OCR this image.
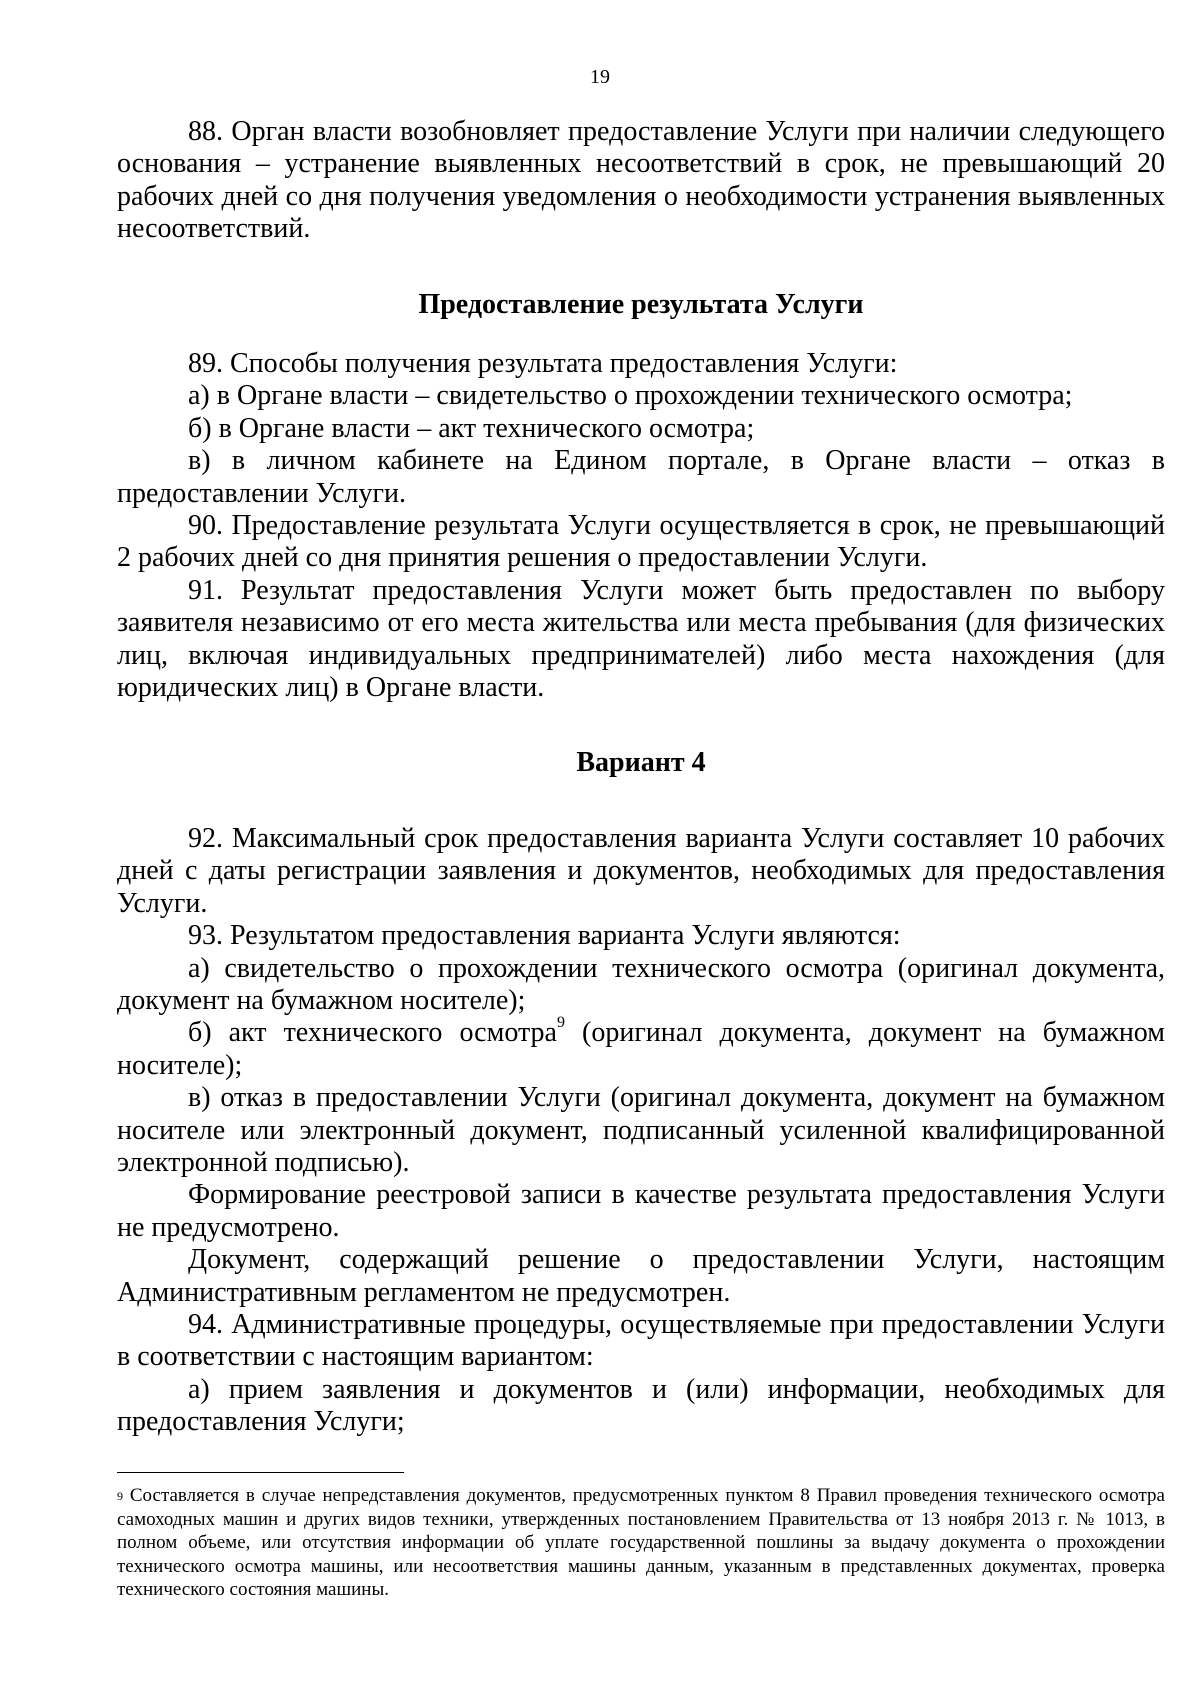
19

88. Орган власти возобновляет предоставление Услуги при наличии следующего основания – устранение выявленных несоответствий в срок, не превышающий 20 рабочих дней со дня получения уведомления о необходимости устранения выявленных несоответствий.

Предоставление результата Услуги

89. Способы получения результата предоставления Услуги:

а) в Органе власти – свидетельство о прохождении технического осмотра;

б) в Органе власти – акт технического осмотра;

в) в личном кабинете на Едином портале, в Органе власти – отказ в предоставлении Услуги.

90. Предоставление результата Услуги осуществляется в срок, не превышающий 2 рабочих дней со дня принятия решения о предоставлении Услуги.

91. Результат предоставления Услуги может быть предоставлен по выбору заявителя независимо от его места жительства или места пребывания (для физических лиц, включая индивидуальных предпринимателей) либо места нахождения (для юридических лиц) в Органе власти.

Вариант 4

92. Максимальный срок предоставления варианта Услуги составляет 10 рабочих дней с даты регистрации заявления и документов, необходимых для предоставления Услуги.

93. Результатом предоставления варианта Услуги являются:

а) свидетельство о прохождении технического осмотра (оригинал документа, документ на бумажном носителе);

б) акт технического осмотра$^9$ (оригинал документа, документ на бумажном носителе);

в) отказ в предоставлении Услуги (оригинал документа, документ на бумажном носителе или электронный документ, подписанный усиленной квалифицированной электронной подписью).

Формирование реестровой записи в качестве результата предоставления Услуги не предусмотрено.

Документ, содержащий решение о предоставлении Услуги, настоящим Административным регламентом не предусмотрен.

94. Административные процедуры, осуществляемые при предоставлении Услуги в соответствии с настоящим вариантом:

а) прием заявления и документов и (или) информации, необходимых для предоставления Услуги;

$^9$ Составляется в случае непредставления документов, предусмотренных пунктом 8 Правил проведения технического осмотра самоходных машин и других видов техники, утвержденных постановлением Правительства от 13 ноября 2013 г. № 1013, в полном объеме, или отсутствия информации об уплате государственной пошлины за выдачу документа о прохождении технического осмотра машины, или несоответствия машины данным, указанным в представленных документах, проверка технического состояния машины.
